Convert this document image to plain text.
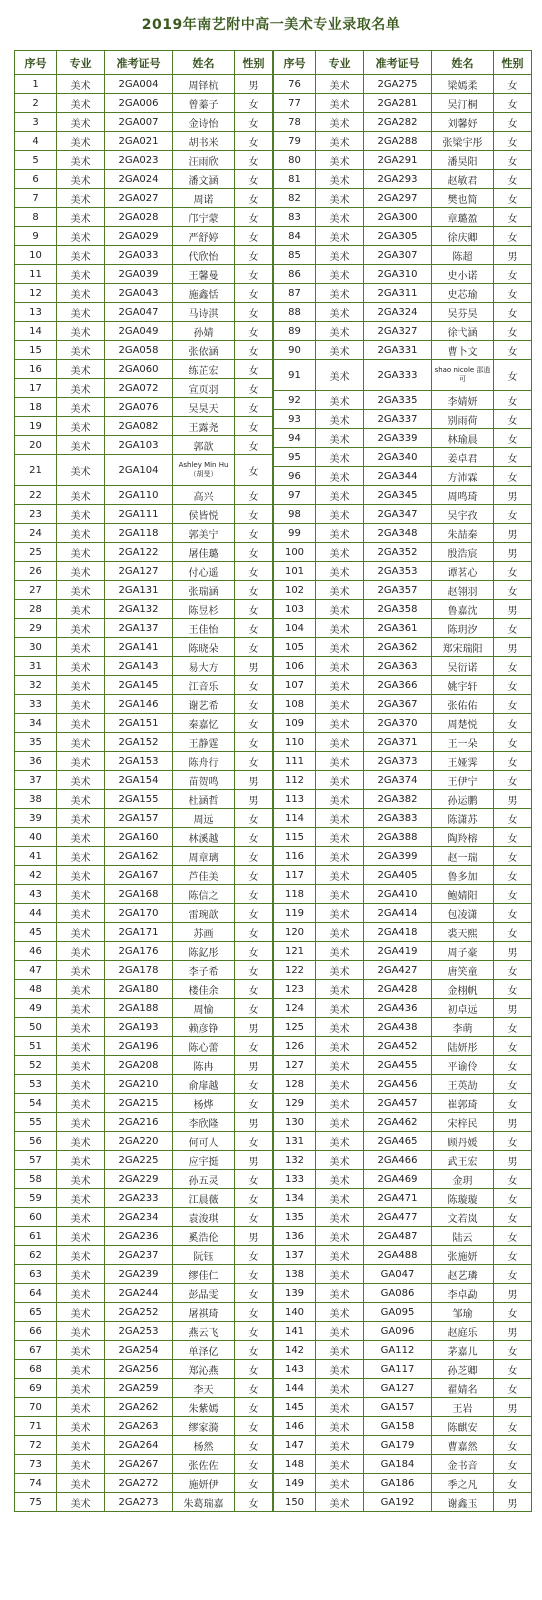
2019年南艺附中高一美术专业录取名单
序号	专业	准考证号	姓名	性别
1	美术	2GA004	周铎杭	男
2	美术	2GA006	曾蓁子	女
3	美术	2GA007	金诗怡	女
4	美术	2GA021	胡书米	女
5	美术	2GA023	汪雨欣	女
6	美术	2GA024	潘文涵	女
7	美术	2GA027	周诺	女
8	美术	2GA028	邝宁蒙	女
9	美术	2GA029	严舒婷	女
10	美术	2GA033	代欣怡	女
11	美术	2GA039	王馨曼	女
12	美术	2GA043	施鑫恬	女
13	美术	2GA047	马诗淇	女
14	美术	2GA049	孙婧	女
15	美术	2GA058	张依涵	女
16	美术	2GA060	练芷宏	女
17	美术	2GA072	宣页羽	女
18	美术	2GA076	吴昊天	女
19	美术	2GA082	王露尧	女
20	美术	2GA103	郭歆	女
21	美术	2GA104	Ashley Min Hu（胡旻）	女
22	美术	2GA110	高兴	女
23	美术	2GA111	侯皆悦	女
24	美术	2GA118	郭美宁	女
25	美术	2GA122	屠佳璐	女
26	美术	2GA127	付心遥	女
27	美术	2GA131	张瑞涵	女
28	美术	2GA132	陈昱杉	女
29	美术	2GA137	王佳怡	女
30	美术	2GA141	陈晓朵	女
31	美术	2GA143	易大方	男
32	美术	2GA145	江音乐	女
33	美术	2GA146	谢艺希	女
34	美术	2GA151	秦嘉忆	女
35	美术	2GA152	王静霆	女
36	美术	2GA153	陈舟行	女
37	美术	2GA154	苗贺鸣	男
38	美术	2GA155	杜涵哲	男
39	美术	2GA157	周远	女
40	美术	2GA160	林溪越	女
41	美术	2GA162	周章璃	女
42	美术	2GA167	芦佳美	女
43	美术	2GA168	陈信之	女
44	美术	2GA170	雷琬歆	女
45	美术	2GA171	苏画	女
46	美术	2GA176	陈釔彤	女
47	美术	2GA178	李子希	女
48	美术	2GA180	楼佳余	女
49	美术	2GA188	周愉	女
50	美术	2GA193	赖彦铮	男
51	美术	2GA196	陈心蕾	女
52	美术	2GA208	陈冉	男
53	美术	2GA210	俞扉越	女
54	美术	2GA215	杨烨	女
55	美术	2GA216	李欣隆	男
56	美术	2GA220	何可人	女
57	美术	2GA225	应宇挺	男
58	美术	2GA229	孙五灵	女
59	美术	2GA233	江晨薇	女
60	美术	2GA234	袁浚琪	女
61	美术	2GA236	奚浩伦	男
62	美术	2GA237	阮钰	女
63	美术	2GA239	缪佳仁	女
64	美术	2GA244	彭晶雯	女
65	美术	2GA252	屠祺琦	女
66	美术	2GA253	燕云飞	女
67	美术	2GA254	单泽亿	女
68	美术	2GA256	郑沁燕	女
69	美术	2GA259	李天	女
70	美术	2GA262	朱紫嫣	女
71	美术	2GA263	缪家漪	女
72	美术	2GA264	杨然	女
73	美术	2GA267	张佐佐	女
74	美术	2GA272	施妍伊	女
75	美术	2GA273	朱葛瑞嘉	女
序号	专业	准考证号	姓名	性别
76	美术	2GA275	梁嫣柔	女
77	美术	2GA281	吴汀桐	女
78	美术	2GA282	刘馨妤	女
79	美术	2GA288	张梁宇彤	女
80	美术	2GA291	潘昊阳	女
81	美术	2GA293	赵敏君	女
82	美术	2GA297	樊也简	女
83	美术	2GA300	章璐盈	女
84	美术	2GA305	徐庆卿	女
85	美术	2GA307	陈超	男
86	美术	2GA310	史小诺	女
87	美术	2GA311	史芯瑜	女
88	美术	2GA324	吴芬昊	女
89	美术	2GA327	徐弋涵	女
90	美术	2GA331	曹卜文	女
91	美术	2GA333	shao nicole 邵逍可	女
92	美术	2GA335	李婧妍	女
93	美术	2GA337	别雨荷	女
94	美术	2GA339	林瑜晨	女
95	美术	2GA340	姜卓君	女
96	美术	2GA344	方沛霖	女
97	美术	2GA345	周鸣琦	男
98	美术	2GA347	吴宇孜	女
99	美术	2GA348	朱喆秦	男
100	美术	2GA352	殷浩宸	男
101	美术	2GA353	谭茗心	女
102	美术	2GA357	赵翎羽	女
103	美术	2GA358	鲁嘉沈	男
104	美术	2GA361	陈玥汐	女
105	美术	2GA362	郑宋瑞阳	男
106	美术	2GA363	吴衍诺	女
107	美术	2GA366	姚宇轩	女
108	美术	2GA367	张佑佑	女
109	美术	2GA370	周楚悦	女
110	美术	2GA371	王一朵	女
111	美术	2GA373	王娅霁	女
112	美术	2GA374	王伊宁	女
113	美术	2GA382	孙运鹏	男
114	美术	2GA383	陈潇苏	女
115	美术	2GA388	陶羚榕	女
116	美术	2GA399	赵一瑞	女
117	美术	2GA405	鲁多加	女
118	美术	2GA410	鲍婧阳	女
119	美术	2GA414	包凌潇	女
120	美术	2GA418	裘天熙	女
121	美术	2GA419	周子豪	男
122	美术	2GA427	唐笑童	女
123	美术	2GA428	金栩帆	女
124	美术	2GA436	初卓远	男
125	美术	2GA438	李萌	女
126	美术	2GA452	陆妍彤	女
127	美术	2GA455	平谕伶	女
128	美术	2GA456	王英劼	女
129	美术	2GA457	崔郭琦	女
130	美术	2GA462	宋梓民	男
131	美术	2GA465	顾丹媛	女
132	美术	2GA466	武王宏	男
133	美术	2GA469	金玥	女
134	美术	2GA471	陈璇璇	女
135	美术	2GA477	文若岚	女
136	美术	2GA487	陆云	女
137	美术	2GA488	张施妍	女
138	美术	GA047	赵艺璘	女
139	美术	GA086	李卓勐	男
140	美术	GA095	邹瑜	女
141	美术	GA096	赵庭乐	男
142	美术	GA112	茅嘉儿	女
143	美术	GA117	孙芝卿	女
144	美术	GA127	翟婧名	女
145	美术	GA157	王岩	男
146	美术	GA158	陈麒安	女
147	美术	GA179	曹嘉然	女
148	美术	GA184	金书音	女
149	美术	GA186	季之凡	女
150	美术	GA192	谢鑫玉	男
